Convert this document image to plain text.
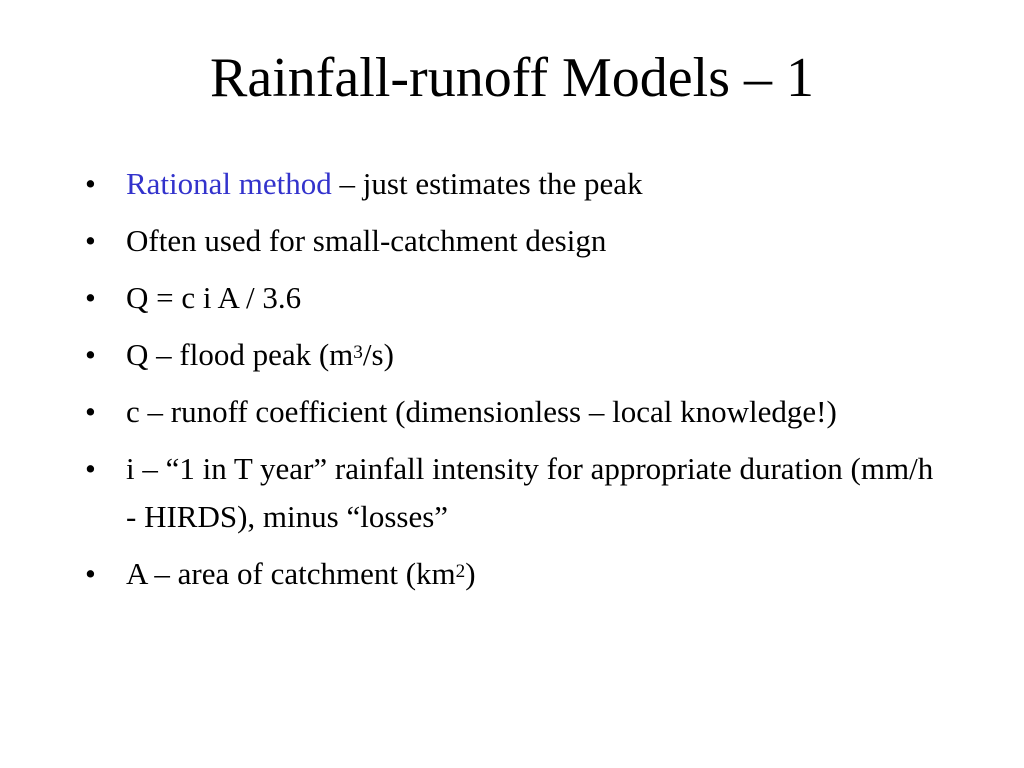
Rainfall-runoff Models – 1
• Rational method – just estimates the peak
• Often used for small-catchment design
• Q = c i A / 3.6
• Q – flood peak $(m^3/s)$
• c – runoff coefficient (dimensionless – local knowledge!)
• i – “1 in T year” rainfall intensity for appropriate duration (mm/h - HIRDS), minus “losses”
• A – area of catchment $(km^2)$
